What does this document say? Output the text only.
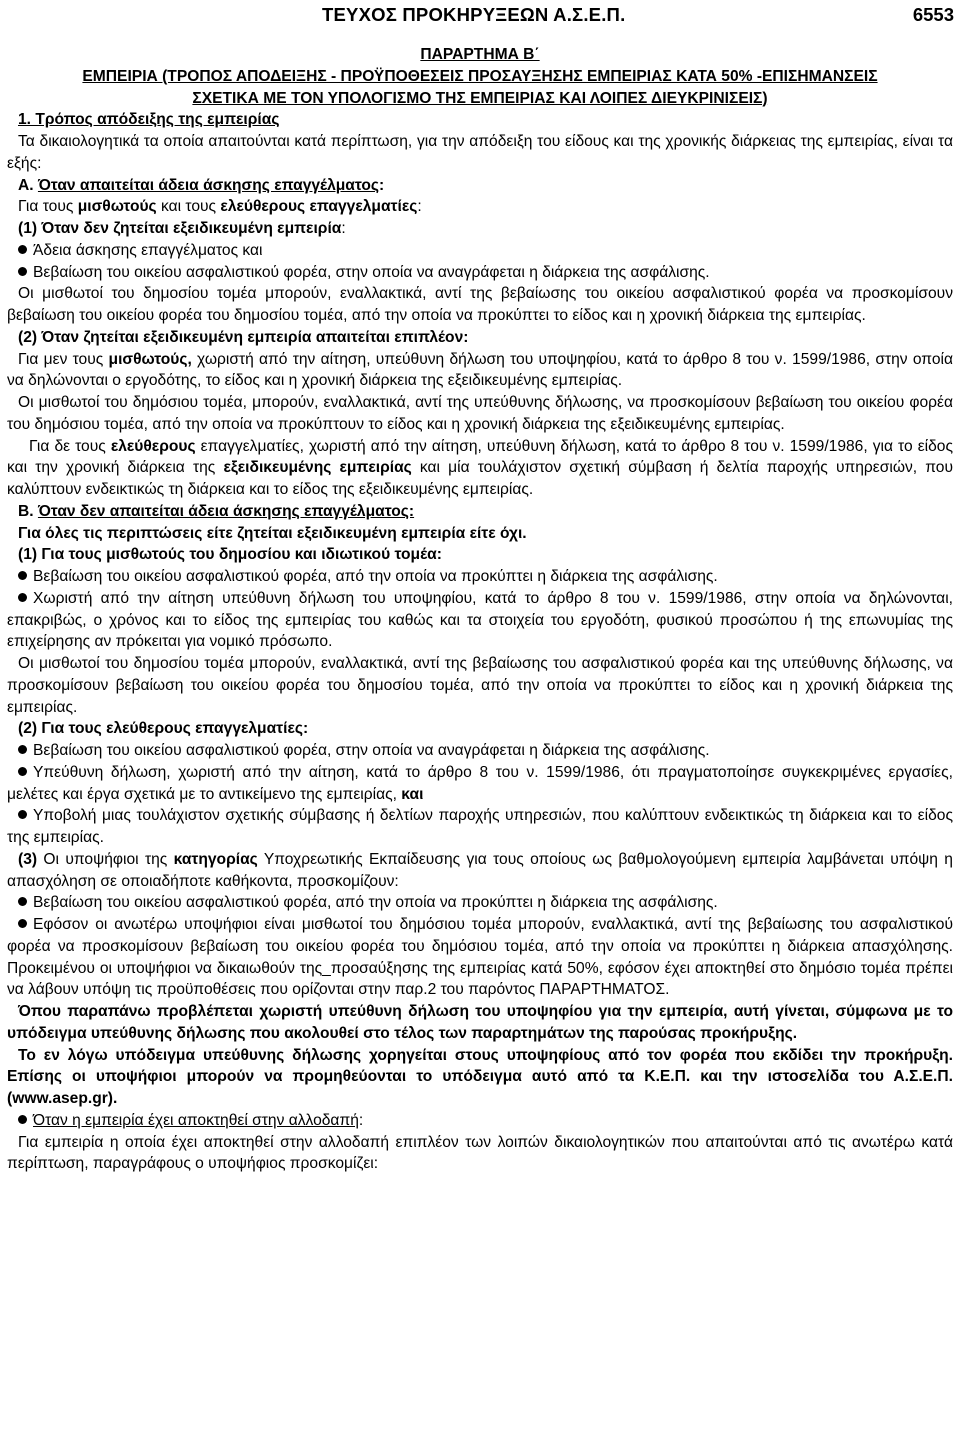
ΤΕΥΧΟΣ ΠΡΟΚΗΡΥΞΕΩΝ Α.Σ.Ε.Π.	6553

ΠΑΡΑΡΤΗΜΑ Β΄

ΕΜΠΕΙΡΙΑ (ΤΡΟΠΟΣ ΑΠΟΔΕΙΞΗΣ - ΠΡΟΫΠΟΘΕΣΕΙΣ ΠΡΟΣΑΥΞΗΣΗΣ ΕΜΠΕΙΡΙΑΣ ΚΑΤΑ 50% -ΕΠΙΣΗΜΑΝΣΕΙΣ
ΣΧΕΤΙΚΑ ΜΕ ΤΟΝ ΥΠΟΛΟΓΙΣΜΟ ΤΗΣ ΕΜΠΕΙΡΙΑΣ ΚΑΙ ΛΟΙΠΕΣ ΔΙΕΥΚΡΙΝΙΣΕΙΣ)

1. Τρόπος απόδειξης της εμπειρίας

Τα δικαιολογητικά τα οποία απαιτούνται κατά περίπτωση, για την απόδειξη του είδους και της χρονικής διάρκειας της εμπειρίας, είναι τα εξής:

Α. Όταν απαιτείται άδεια άσκησης επαγγέλματος:

Για τους μισθωτούς και τους ελεύθερους επαγγελματίες:

(1) Όταν δεν ζητείται εξειδικευμένη εμπειρία:

Άδεια άσκησης επαγγέλματος και

Βεβαίωση του οικείου ασφαλιστικού φορέα, στην οποία να αναγράφεται η διάρκεια της ασφάλισης.

Οι μισθωτοί του δημοσίου τομέα μπορούν, εναλλακτικά, αντί της βεβαίωσης του οικείου ασφαλιστικού φορέα να προσκομίσουν βεβαίωση του οικείου φορέα του δημοσίου τομέα, από την οποία να προκύπτει το είδος και η χρονική διάρκεια της εμπειρίας.

(2) Όταν ζητείται εξειδικευμένη εμπειρία απαιτείται επιπλέον:

Για μεν τους μισθωτούς, χωριστή από την αίτηση, υπεύθυνη δήλωση του υποψηφίου, κατά το άρθρο 8 του ν. 1599/1986, στην οποία να δηλώνονται ο εργοδότης, το είδος και η χρονική διάρκεια της εξειδικευμένης εμπειρίας.

Οι μισθωτοί του δημόσιου τομέα, μπορούν, εναλλακτικά, αντί της υπεύθυνης δήλωσης, να προσκομίσουν βεβαίωση του οικείου φορέα του δημόσιου τομέα, από την οποία να προκύπτουν το είδος και η χρονική διάρκεια της εξειδικευμένης εμπειρίας.

Για δε τους ελεύθερους επαγγελματίες, χωριστή από την αίτηση, υπεύθυνη δήλωση, κατά το άρθρο 8 του ν. 1599/1986, για το είδος και την χρονική διάρκεια της εξειδικευμένης εμπειρίας και μία τουλάχιστον σχετική σύμβαση ή δελτία παροχής υπηρεσιών, που καλύπτουν ενδεικτικώς τη διάρκεια και το είδος της εξειδικευμένης εμπειρίας.

Β. Όταν δεν απαιτείται άδεια άσκησης επαγγέλματος:

Για όλες τις περιπτώσεις είτε ζητείται εξειδικευμένη εμπειρία είτε όχι.

(1) Για τους μισθωτούς του δημοσίου και ιδιωτικού τομέα:

Βεβαίωση του οικείου ασφαλιστικού φορέα, από την οποία να προκύπτει η διάρκεια της ασφάλισης.

Χωριστή από την αίτηση υπεύθυνη δήλωση του υποψηφίου, κατά το άρθρο 8 του ν. 1599/1986, στην οποία να δηλώνονται, επακριβώς, ο χρόνος και το είδος της εμπειρίας του καθώς και τα στοιχεία του εργοδότη, φυσικού προσώπου ή της επωνυμίας της επιχείρησης αν πρόκειται για νομικό πρόσωπο.

Οι μισθωτοί του δημοσίου τομέα μπορούν, εναλλακτικά, αντί της βεβαίωσης του ασφαλιστικού φορέα και της υπεύθυνης δήλωσης, να προσκομίσουν βεβαίωση του οικείου φορέα του δημοσίου τομέα, από την οποία να προκύπτει το είδος και η χρονική διάρκεια της εμπειρίας.

(2) Για τους ελεύθερους επαγγελματίες:

Βεβαίωση του οικείου ασφαλιστικού φορέα, στην οποία να αναγράφεται η διάρκεια της ασφάλισης.

Υπεύθυνη δήλωση, χωριστή από την αίτηση, κατά το άρθρο 8 του ν. 1599/1986, ότι πραγματοποίησε συγκεκριμένες εργασίες, μελέτες και έργα σχετικά με το αντικείμενο της εμπειρίας, και

Υποβολή μιας τουλάχιστον σχετικής σύμβασης ή δελτίων παροχής υπηρεσιών, που καλύπτουν ενδεικτικώς τη διάρκεια και το είδος της εμπειρίας.

(3) Οι υποψήφιοι της κατηγορίας Υποχρεωτικής Εκπαίδευσης για τους οποίους ως βαθμολογούμενη εμπειρία λαμβάνεται υπόψη η απασχόληση σε οποιαδήποτε καθήκοντα, προσκομίζουν:

Βεβαίωση του οικείου ασφαλιστικού φορέα, από την οποία να προκύπτει η διάρκεια της ασφάλισης.

Εφόσον οι ανωτέρω υποψήφιοι είναι μισθωτοί του δημόσιου τομέα μπορούν, εναλλακτικά, αντί της βεβαίωσης του ασφαλιστικού φορέα να προσκομίσουν βεβαίωση του οικείου φορέα του δημόσιου τομέα, από την οποία να προκύπτει η διάρκεια απασχόλησης. Προκειμένου οι υποψήφιοι να δικαιωθούν της_προσαύξησης της εμπειρίας κατά 50%, εφόσον έχει αποκτηθεί στο δημόσιο τομέα πρέπει να λάβουν υπόψη τις προϋποθέσεις που ορίζονται στην παρ.2 του παρόντος ΠΑΡΑΡΤΗΜΑΤΟΣ.

Όπου παραπάνω προβλέπεται χωριστή υπεύθυνη δήλωση του υποψηφίου για την εμπειρία, αυτή γίνεται, σύμφωνα με το υπόδειγμα υπεύθυνης δήλωσης που ακολουθεί στο τέλος των παραρτημάτων της παρούσας προκήρυξης.

Το εν λόγω υπόδειγμα υπεύθυνης δήλωσης χορηγείται στους υποψηφίους από τον φορέα που εκδίδει την προκήρυξη. Επίσης οι υποψήφιοι μπορούν να προμηθεύονται το υπόδειγμα αυτό από τα Κ.Ε.Π. και την ιστοσελίδα του Α.Σ.Ε.Π. (www.asep.gr).

Όταν η εμπειρία έχει αποκτηθεί στην αλλοδαπή:

Για εμπειρία η οποία έχει αποκτηθεί στην αλλοδαπή επιπλέον των λοιπών δικαιολογητικών που απαιτούνται από τις ανωτέρω κατά περίπτωση, παραγράφους ο υποψήφιος προσκομίζει:
